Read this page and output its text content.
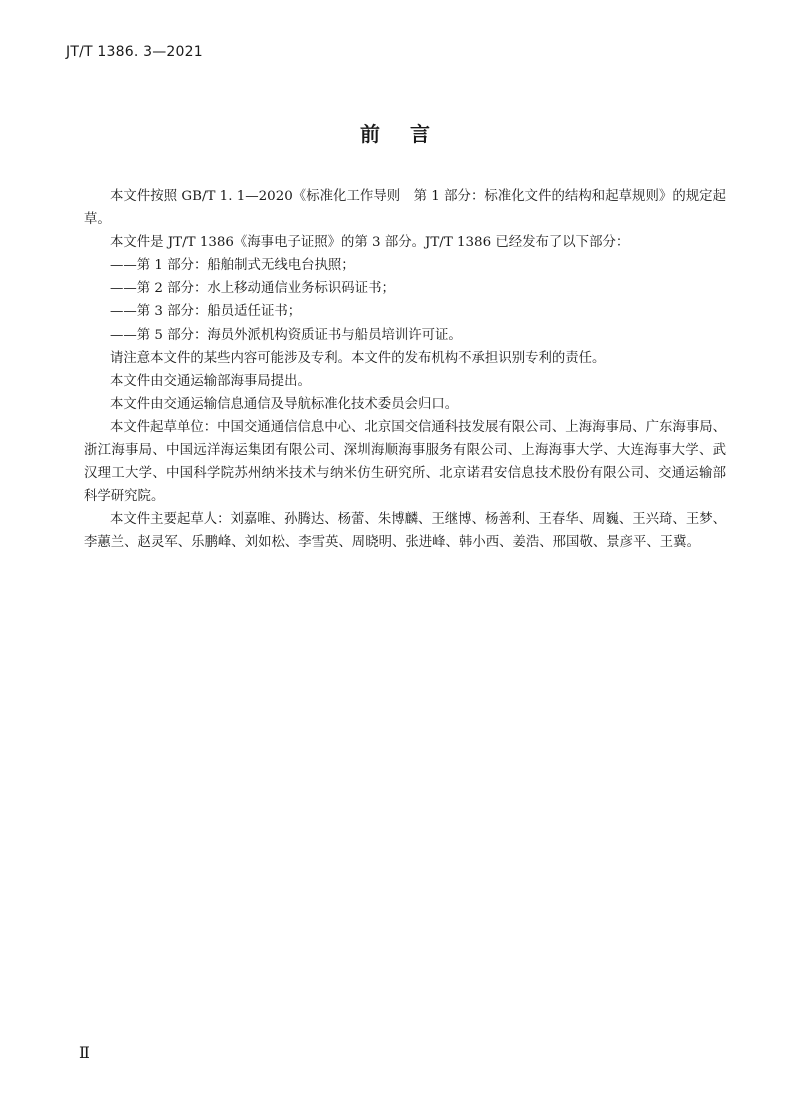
JT/T 1386. 3—2021
前言

本文件按照 GB/T 1. 1—2020《标准化工作导则　第 1 部分：标准化文件的结构和起草规则》的规定起草。

本文件是 JT/T 1386《海事电子证照》的第 3 部分。JT/T 1386 已经发布了以下部分：

——第 1 部分：船舶制式无线电台执照；

——第 2 部分：水上移动通信业务标识码证书；

——第 3 部分：船员适任证书；

——第 5 部分：海员外派机构资质证书与船员培训许可证。

请注意本文件的某些内容可能涉及专利。本文件的发布机构不承担识别专利的责任。

本文件由交通运输部海事局提出。

本文件由交通运输信息通信及导航标准化技术委员会归口。

本文件起草单位：中国交通通信信息中心、北京国交信通科技发展有限公司、上海海事局、广东海事局、浙江海事局、中国远洋海运集团有限公司、深圳海顺海事服务有限公司、上海海事大学、大连海事大学、武汉理工大学、中国科学院苏州纳米技术与纳米仿生研究所、北京诺君安信息技术股份有限公司、交通运输部科学研究院。

本文件主要起草人：刘嘉唯、孙腾达、杨蕾、朱博麟、王继博、杨善利、王春华、周巍、王兴琦、王梦、李蕙兰、赵灵军、乐鹏峰、刘如松、李雪英、周晓明、张进峰、韩小西、姜浩、邢国敬、景彦平、王冀。

Ⅱ
